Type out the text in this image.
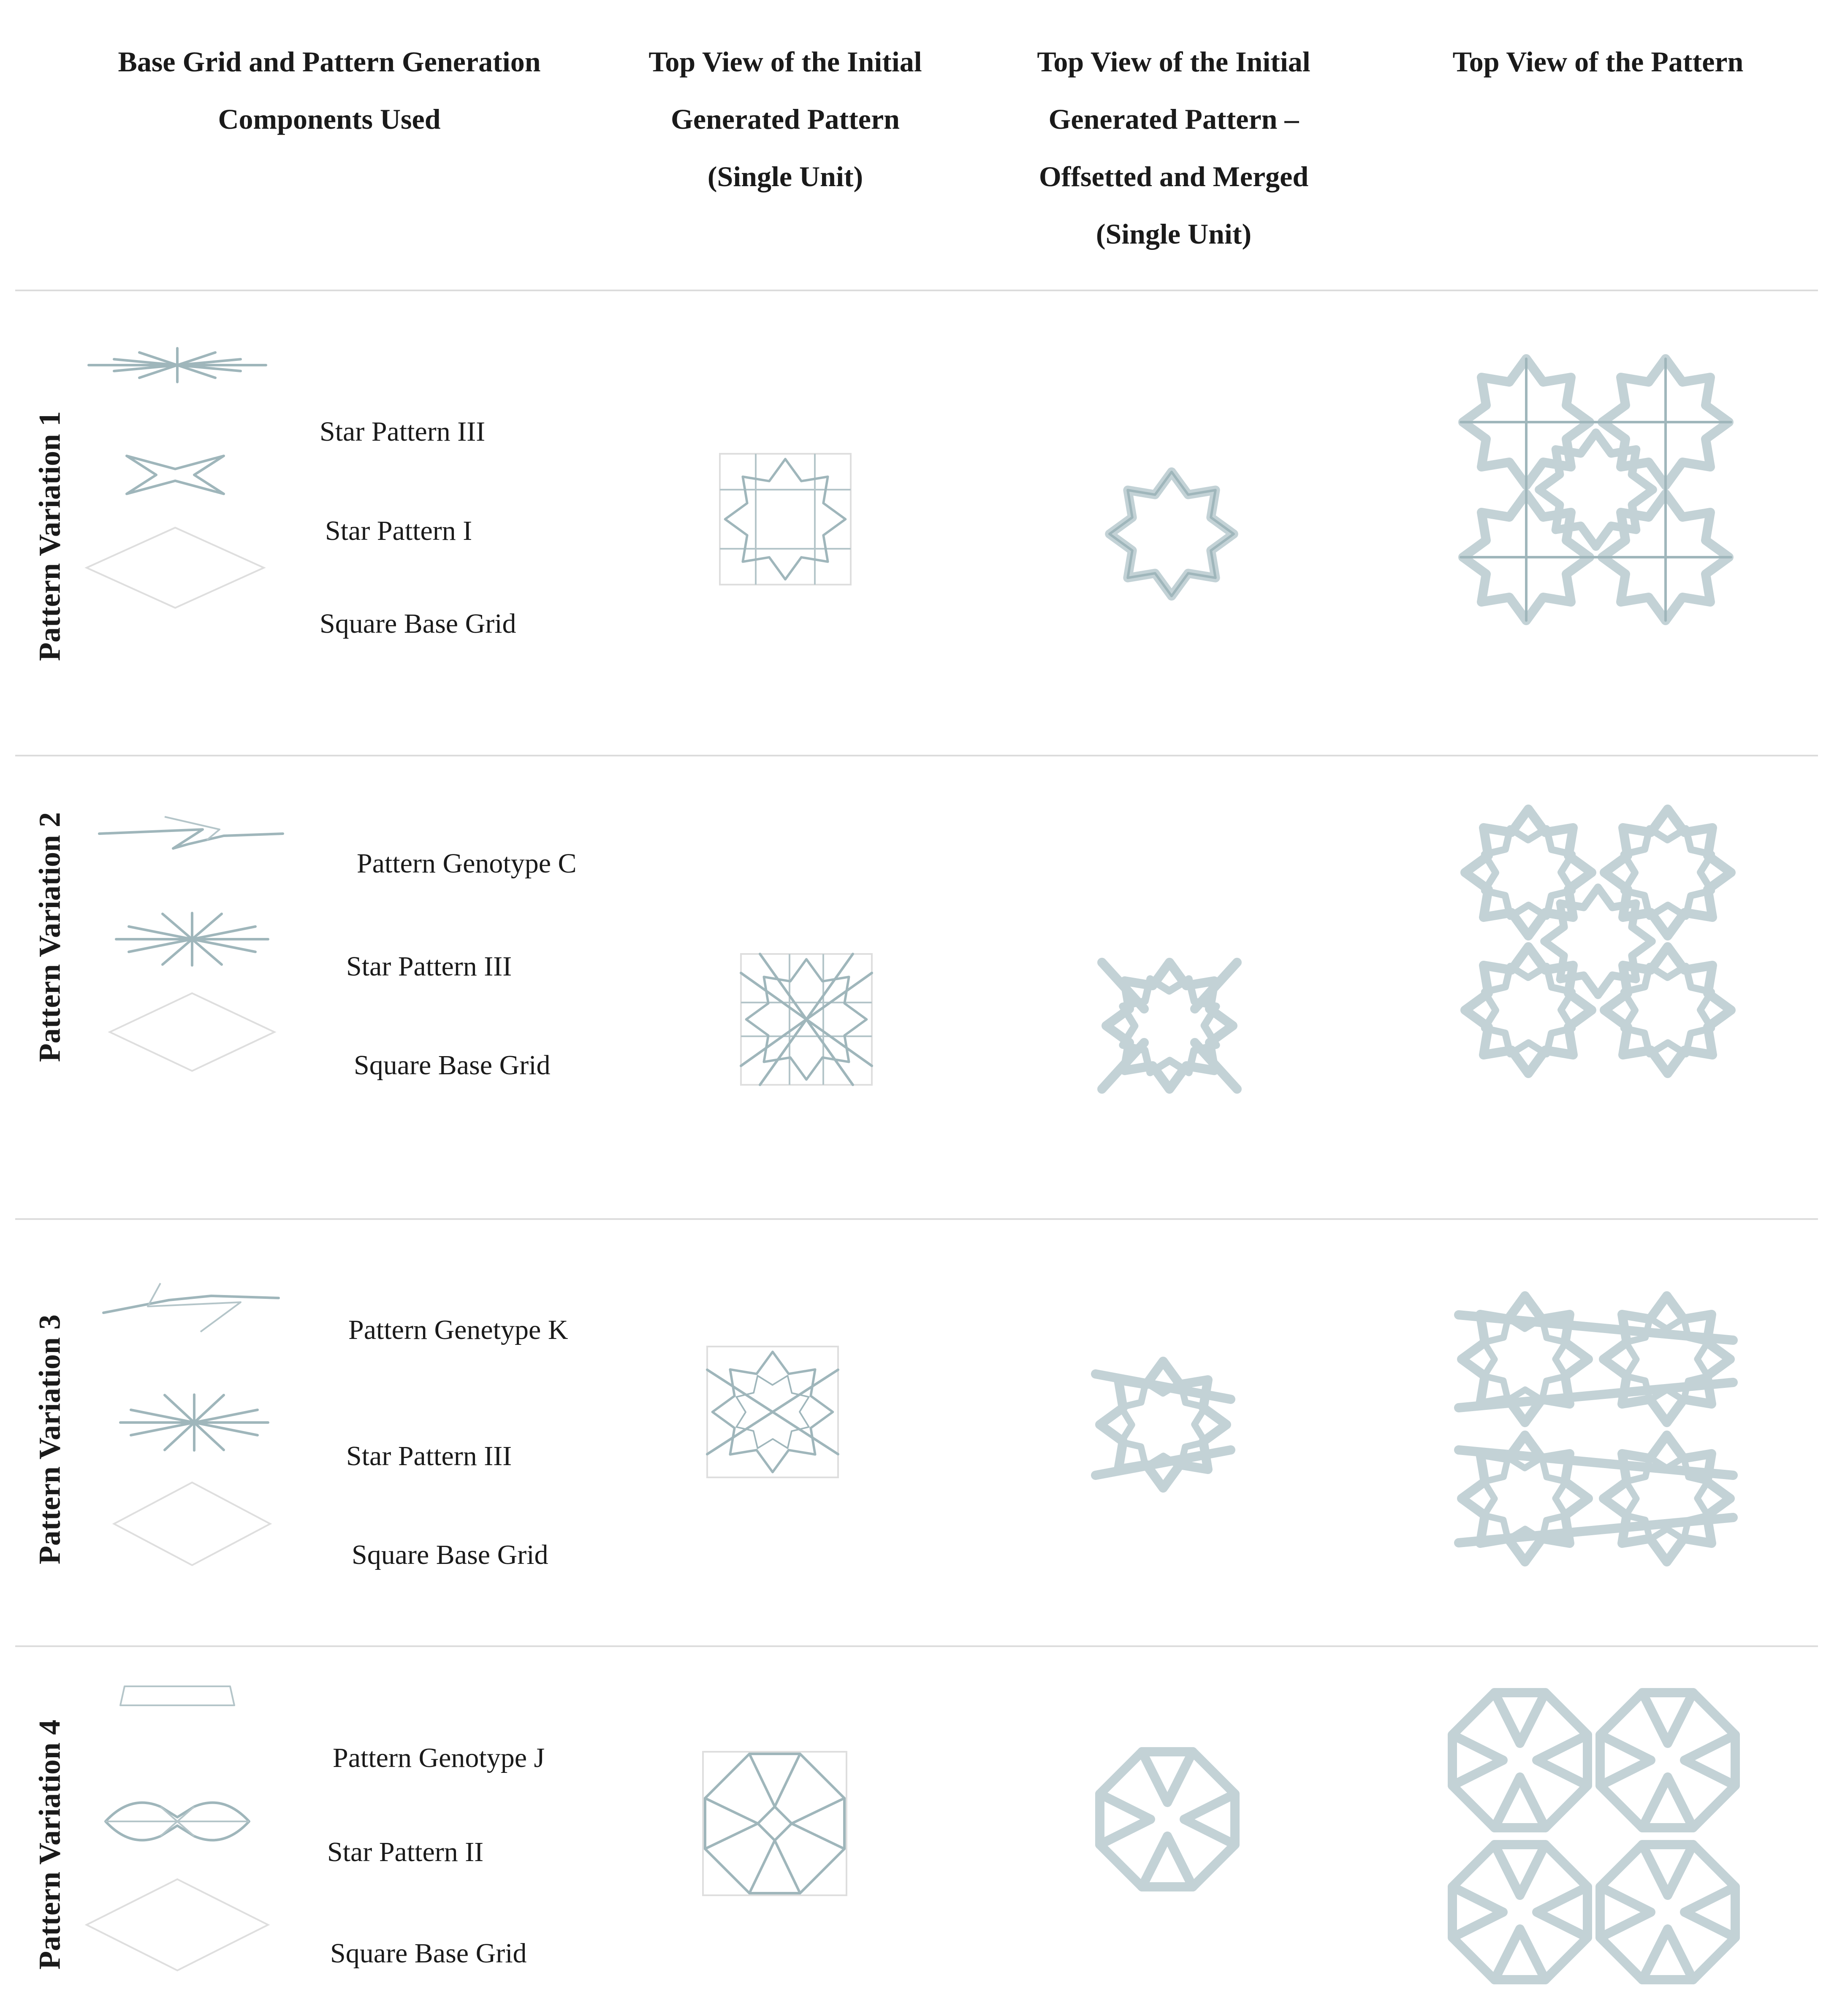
Base Grid and Pattern Generation
Components Used
Top View of the Initial
Generated Pattern
(Single Unit)
Top View of the Initial
Generated Pattern –
Offsetted and Merged
(Single Unit)
Top View of the Pattern
Pattern Variation 1
Pattern Variation 2
Pattern Variation 3
Pattern Variation 4
Star Pattern III
Star Pattern I
Square Base Grid
Pattern Genotype C
Star Pattern III
Square Base Grid
Pattern Genetype K
Star Pattern III
Square Base Grid
Pattern Genotype J
Star Pattern II
Square Base Grid
